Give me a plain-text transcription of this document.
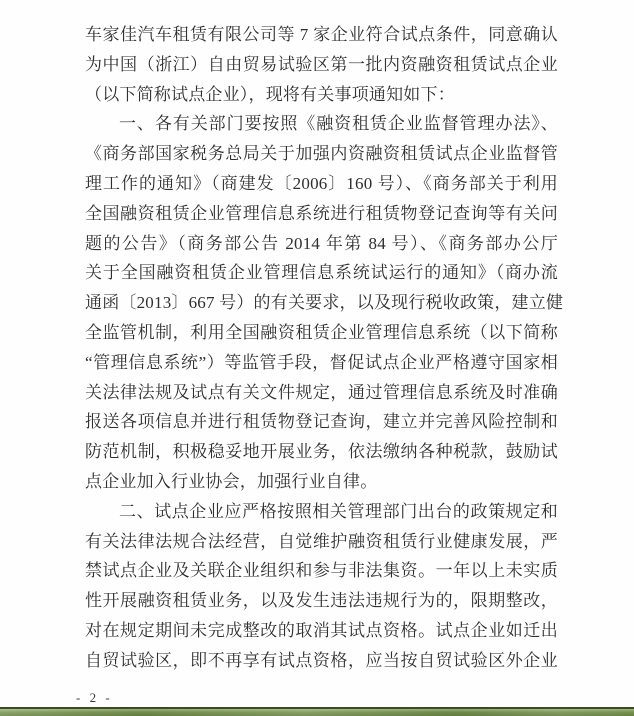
车家佳汽车租赁有限公司等 7 家企业符合试点条件，同意确认
为中国（浙江）自由贸易试验区第一批内资融资租赁试点企业
（以下简称试点企业），现将有关事项通知如下：
一、各有关部门要按照《融资租赁企业监督管理办法》、
《商务部国家税务总局关于加强内资融资租赁试点企业监督管
理工作的通知》（商建发〔2006〕160 号）、《商务部关于利用
全国融资租赁企业管理信息系统进行租赁物登记查询等有关问
题的公告》（商务部公告 2014 年第 84 号）、《商务部办公厅
关于全国融资租赁企业管理信息系统试运行的通知》（商办流
通函〔2013〕667 号）的有关要求，以及现行税收政策，建立健
全监管机制，利用全国融资租赁企业管理信息系统（以下简称
“管理信息系统”）等监管手段，督促试点企业严格遵守国家相
关法律法规及试点有关文件规定，通过管理信息系统及时准确
报送各项信息并进行租赁物登记查询，建立并完善风险控制和
防范机制，积极稳妥地开展业务，依法缴纳各种税款，鼓励试
点企业加入行业协会，加强行业自律。
二、试点企业应严格按照相关管理部门出台的政策规定和
有关法律法规合法经营，自觉维护融资租赁行业健康发展，严
禁试点企业及关联企业组织和参与非法集资。一年以上未实质
性开展融资租赁业务，以及发生违法违规行为的，限期整改，
对在规定期间未完成整改的取消其试点资格。试点企业如迁出
自贸试验区，即不再享有试点资格，应当按自贸试验区外企业
- 2 -
